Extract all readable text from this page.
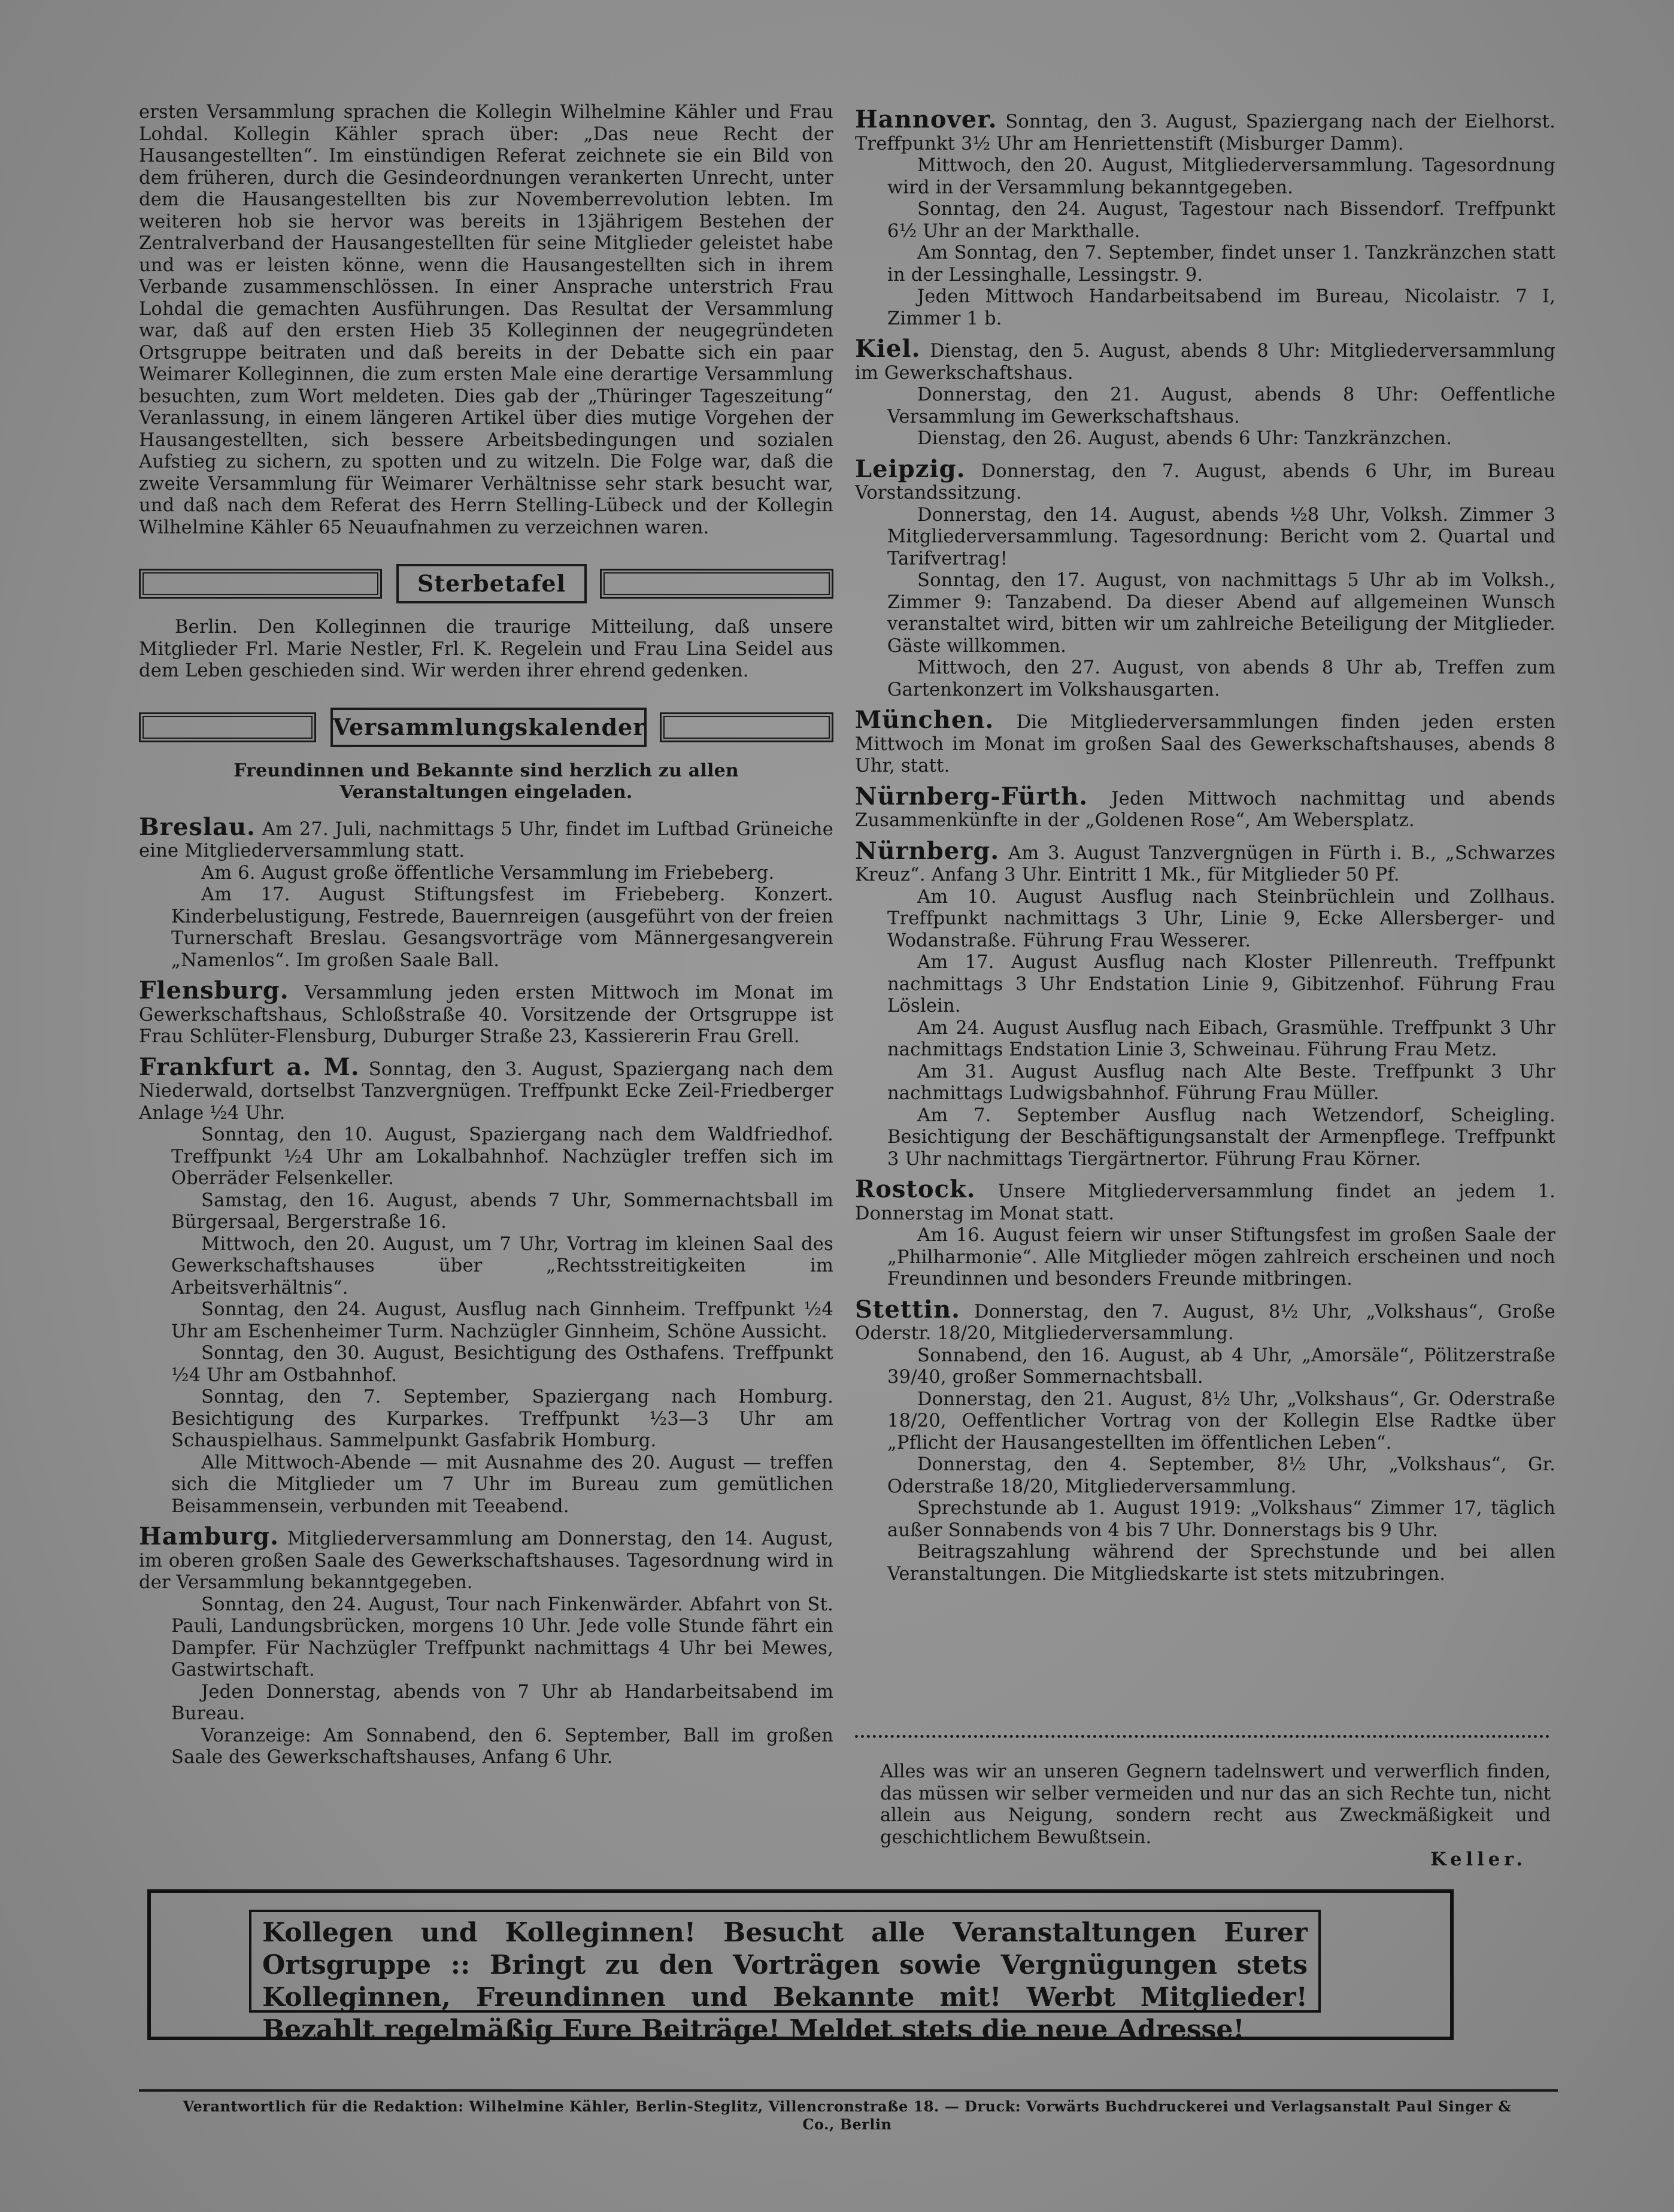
ersten Versammlung sprachen die Kollegin Wilhelmine Kähler und Frau Lohdal. Kollegin Kähler sprach über: „Das neue Recht der Hausangestellten“. Im einstündigen Referat zeichnete sie ein Bild von dem früheren, durch die Gesindeordnungen verankerten Unrecht, unter dem die Hausangestellten bis zur Novemberrevolution lebten. Im weiteren hob sie hervor was bereits in 13jährigem Bestehen der Zentralverband der Hausangestellten für seine Mitglieder geleistet habe und was er leisten könne, wenn die Hausangestellten sich in ihrem Verbande zusammenschlössen. In einer Ansprache unterstrich Frau Lohdal die gemachten Ausführungen. Das Resultat der Versammlung war, daß auf den ersten Hieb 35 Kolleginnen der neugegründeten Ortsgruppe beitraten und daß bereits in der Debatte sich ein paar Weimarer Kolleginnen, die zum ersten Male eine derartige Versammlung besuchten, zum Wort meldeten. Dies gab der „Thüringer Tageszeitung“ Veranlassung, in einem längeren Artikel über dies mutige Vorgehen der Hausangestellten, sich bessere Arbeitsbedingungen und sozialen Aufstieg zu sichern, zu spotten und zu witzeln. Die Folge war, daß die zweite Versammlung für Weimarer Verhältnisse sehr stark besucht war, und daß nach dem Referat des Herrn Stelling-Lübeck und der Kollegin Wilhelmine Kähler 65 Neuaufnahmen zu verzeichnen waren.

Sterbetafel

Berlin. Den Kolleginnen die traurige Mitteilung, daß unsere Mitglieder Frl. Marie Nestler, Frl. K. Regelein und Frau Lina Seidel aus dem Leben geschieden sind. Wir werden ihrer ehrend gedenken.

Versammlungskalender

Freundinnen und Bekannte sind herzlich zu allen Veranstaltungen eingeladen.

Breslau. Am 27. Juli, nachmittags 5 Uhr, findet im Luftbad Grüneiche eine Mitgliederversammlung statt.

Am 6. August große öffentliche Versammlung im Friebeberg.

Am 17. August Stiftungsfest im Friebeberg. Konzert. Kinderbelustigung, Festrede, Bauernreigen (ausgeführt von der freien Turnerschaft Breslau. Gesangsvorträge vom Männergesangverein „Namenlos“. Im großen Saale Ball.

Flensburg. Versammlung jeden ersten Mittwoch im Monat im Gewerkschaftshaus, Schloßstraße 40. Vorsitzende der Ortsgruppe ist Frau Schlüter-Flensburg, Duburger Straße 23, Kassiererin Frau Grell.

Frankfurt a. M. Sonntag, den 3. August, Spaziergang nach dem Niederwald, dortselbst Tanzvergnügen. Treffpunkt Ecke Zeil-Friedberger Anlage ½4 Uhr.

Sonntag, den 10. August, Spaziergang nach dem Waldfriedhof. Treffpunkt ½4 Uhr am Lokalbahnhof. Nachzügler treffen sich im Oberräder Felsenkeller.

Samstag, den 16. August, abends 7 Uhr, Sommernachtsball im Bürgersaal, Bergerstraße 16.

Mittwoch, den 20. August, um 7 Uhr, Vortrag im kleinen Saal des Gewerkschaftshauses über „Rechtsstreitigkeiten im Arbeitsverhältnis“.

Sonntag, den 24. August, Ausflug nach Ginnheim. Treffpunkt ½4 Uhr am Eschenheimer Turm. Nachzügler Ginnheim, Schöne Aussicht.

Sonntag, den 30. August, Besichtigung des Osthafens. Treffpunkt ½4 Uhr am Ostbahnhof.

Sonntag, den 7. September, Spaziergang nach Homburg. Besichtigung des Kurparkes. Treffpunkt ½3—3 Uhr am Schauspielhaus. Sammelpunkt Gasfabrik Homburg.

Alle Mittwoch-Abende — mit Ausnahme des 20. August — treffen sich die Mitglieder um 7 Uhr im Bureau zum gemütlichen Beisammensein, verbunden mit Teeabend.

Hamburg. Mitgliederversammlung am Donnerstag, den 14. August, im oberen großen Saale des Gewerkschaftshauses. Tagesordnung wird in der Versammlung bekanntgegeben.

Sonntag, den 24. August, Tour nach Finkenwärder. Abfahrt von St. Pauli, Landungsbrücken, morgens 10 Uhr. Jede volle Stunde fährt ein Dampfer. Für Nachzügler Treffpunkt nachmittags 4 Uhr bei Mewes, Gastwirtschaft.

Jeden Donnerstag, abends von 7 Uhr ab Handarbeitsabend im Bureau.

Voranzeige: Am Sonnabend, den 6. September, Ball im großen Saale des Gewerkschaftshauses, Anfang 6 Uhr.

Hannover. Sonntag, den 3. August, Spaziergang nach der Eielhorst. Treffpunkt 3½ Uhr am Henriettenstift (Misburger Damm).

Mittwoch, den 20. August, Mitgliederversammlung. Tagesordnung wird in der Versammlung bekanntgegeben.

Sonntag, den 24. August, Tagestour nach Bissendorf. Treffpunkt 6½ Uhr an der Markthalle.

Am Sonntag, den 7. September, findet unser 1. Tanzkränzchen statt in der Lessinghalle, Lessingstr. 9.

Jeden Mittwoch Handarbeitsabend im Bureau, Nicolaistr. 7 I, Zimmer 1 b.

Kiel. Dienstag, den 5. August, abends 8 Uhr: Mitgliederversammlung im Gewerkschaftshaus.

Donnerstag, den 21. August, abends 8 Uhr: Oeffentliche Versammlung im Gewerkschaftshaus.

Dienstag, den 26. August, abends 6 Uhr: Tanzkränzchen.

Leipzig. Donnerstag, den 7. August, abends 6 Uhr, im Bureau Vorstandssitzung.

Donnerstag, den 14. August, abends ½8 Uhr, Volksh. Zimmer 3 Mitgliederversammlung. Tagesordnung: Bericht vom 2. Quartal und Tarifvertrag!

Sonntag, den 17. August, von nachmittags 5 Uhr ab im Volksh., Zimmer 9: Tanzabend. Da dieser Abend auf allgemeinen Wunsch veranstaltet wird, bitten wir um zahlreiche Beteiligung der Mitglieder. Gäste willkommen.

Mittwoch, den 27. August, von abends 8 Uhr ab, Treffen zum Gartenkonzert im Volkshausgarten.

München. Die Mitgliederversammlungen finden jeden ersten Mittwoch im Monat im großen Saal des Gewerkschaftshauses, abends 8 Uhr, statt.

Nürnberg-Fürth. Jeden Mittwoch nachmittag und abends Zusammenkünfte in der „Goldenen Rose“, Am Webersplatz.

Nürnberg. Am 3. August Tanzvergnügen in Fürth i. B., „Schwarzes Kreuz“. Anfang 3 Uhr. Eintritt 1 Mk., für Mitglieder 50 Pf.

Am 10. August Ausflug nach Steinbrüchlein und Zollhaus. Treffpunkt nachmittags 3 Uhr, Linie 9, Ecke Allersberger- und Wodanstraße. Führung Frau Wesserer.

Am 17. August Ausflug nach Kloster Pillenreuth. Treffpunkt nachmittags 3 Uhr Endstation Linie 9, Gibitzenhof. Führung Frau Löslein.

Am 24. August Ausflug nach Eibach, Grasmühle. Treffpunkt 3 Uhr nachmittags Endstation Linie 3, Schweinau. Führung Frau Metz.

Am 31. August Ausflug nach Alte Beste. Treffpunkt 3 Uhr nachmittags Ludwigsbahnhof. Führung Frau Müller.

Am 7. September Ausflug nach Wetzendorf, Scheigling. Besichtigung der Beschäftigungsanstalt der Armenpflege. Treffpunkt 3 Uhr nachmittags Tiergärtnertor. Führung Frau Körner.

Rostock. Unsere Mitgliederversammlung findet an jedem 1. Donnerstag im Monat statt.

Am 16. August feiern wir unser Stiftungsfest im großen Saale der „Philharmonie“. Alle Mitglieder mögen zahlreich erscheinen und noch Freundinnen und besonders Freunde mitbringen.

Stettin. Donnerstag, den 7. August, 8½ Uhr, „Volkshaus“, Große Oderstr. 18/20, Mitgliederversammlung.

Sonnabend, den 16. August, ab 4 Uhr, „Amorsäle“, Pölitzerstraße 39/40, großer Sommernachtsball.

Donnerstag, den 21. August, 8½ Uhr, „Volkshaus“, Gr. Oderstraße 18/20, Oeffentlicher Vortrag von der Kollegin Else Radtke über „Pflicht der Hausangestellten im öffentlichen Leben“.

Donnerstag, den 4. September, 8½ Uhr, „Volkshaus“, Gr. Oderstraße 18/20, Mitgliederversammlung.

Sprechstunde ab 1. August 1919: „Volkshaus“ Zimmer 17, täglich außer Sonnabends von 4 bis 7 Uhr. Donnerstags bis 9 Uhr.

Beitragszahlung während der Sprechstunde und bei allen Veranstaltungen. Die Mitgliedskarte ist stets mitzubringen.

Alles was wir an unseren Gegnern tadelnswert und verwerflich finden, das müssen wir selber vermeiden und nur das an sich Rechte tun, nicht allein aus Neigung, sondern recht aus Zweckmäßigkeit und geschichtlichem Bewußtsein.
Keller.
Kollegen und Kolleginnen! Besucht alle Veranstaltungen Eurer Ortsgruppe :: Bringt zu den Vorträgen sowie Vergnügungen stets Kolleginnen, Freundinnen und Bekannte mit! Werbt Mitglieder! Bezahlt regelmäßig Eure Beiträge! Meldet stets die neue Adresse!
Verantwortlich für die Redaktion: Wilhelmine Kähler, Berlin-Steglitz, Villencronstraße 18. — Druck: Vorwärts Buchdruckerei und Verlagsanstalt Paul Singer & Co., Berlin
